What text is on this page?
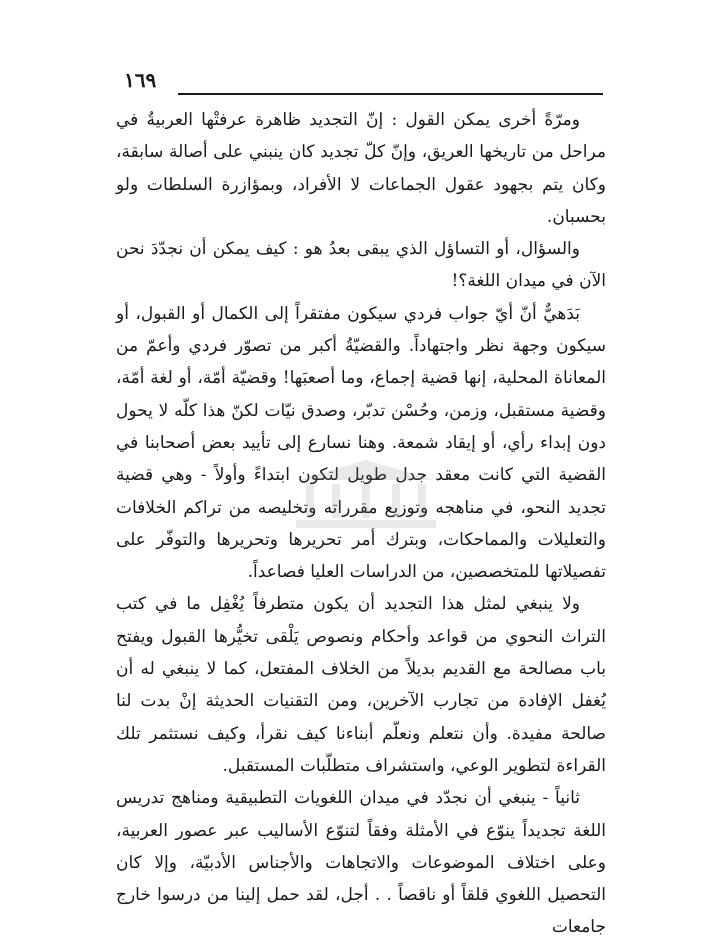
١٦٩

ومرّةً أخرى يمكن القول : إنّ التجديد ظاهرة عرفتْها العربيةُ في مراحل من تاريخها العريق، وإنّ كلّ تجديد كان ينبني على أصالة سابقة، وكان يتم بجهود عقول الجماعات لا الأفراد، وبمؤازرة السلطات ولو بحسبان.

والسؤال، أو التساؤل الذي يبقى بعدُ هو : كيف يمكن أن نجدّدَ نحن الآن في ميدان اللغة؟!

بَدَهيٌّ أنّ أيّ جواب فردي سيكون مفتقراً إلى الكمال أو القبول، أو سيكون وجهة نظر واجتهاداً. والقضيّةُ أكبر من تصوّر فردي وأعمّ من المعاناة المحلية، إنها قضية إجماع، وما أصعبَها! وقضيّة أمّة، أو لغة أمّة، وقضية مستقبل، وزمن، وحُسْن تدبّر، وصدق نيّات لكنّ هذا كلّه لا يحول دون إبداء رأي، أو إيقاد شمعة. وهنا نسارع إلى تأييد بعض أصحابنا في القضية التي كانت معقد جدل طويل لتكون ابتداءً وأولاً - وهي قضية تجديد النحو، في مناهجه وتوزيع مقرراته وتخليصه من تراكم الخلافات والتعليلات والمماحكات، وبترك أمر تحريرها وتحريرها والتوفّر على تفصيلاتها للمتخصصين، من الدراسات العليا فصاعداً.

ولا ينبغي لمثل هذا التجديد أن يكون متطرفاً يُغْفِل ما في كتب التراث النحوي من قواعد وأحكام ونصوص يَلْقى تخيُّرها القبول ويفتح باب مصالحة مع القديم بديلاً من الخلاف المفتعل، كما لا ينبغي له أن يُغفل الإفادة من تجارب الآخرين، ومن التقنيات الحديثة إنْ بدت لنا صالحة مفيدة. وأن نتعلم ونعلّم أبناءنا كيف نقرأ، وكيف نستثمر تلك القراءة لتطوير الوعي، واستشراف متطلّبات المستقبل.

ثانياً - ينبغي أن نجدّد في ميدان اللغويات التطبيقية ومناهج تدريس اللغة تجديداً ينوّع في الأمثلة وفقاً لتنوّع الأساليب عبر عصور العربية، وعلى اختلاف الموضوعات والاتجاهات والأجناس الأدبيّة، وإلا كان التحصيل اللغوي قلقاً أو ناقصاً . . أجل، لقد حمل إلينا من درسوا خارج جامعات
